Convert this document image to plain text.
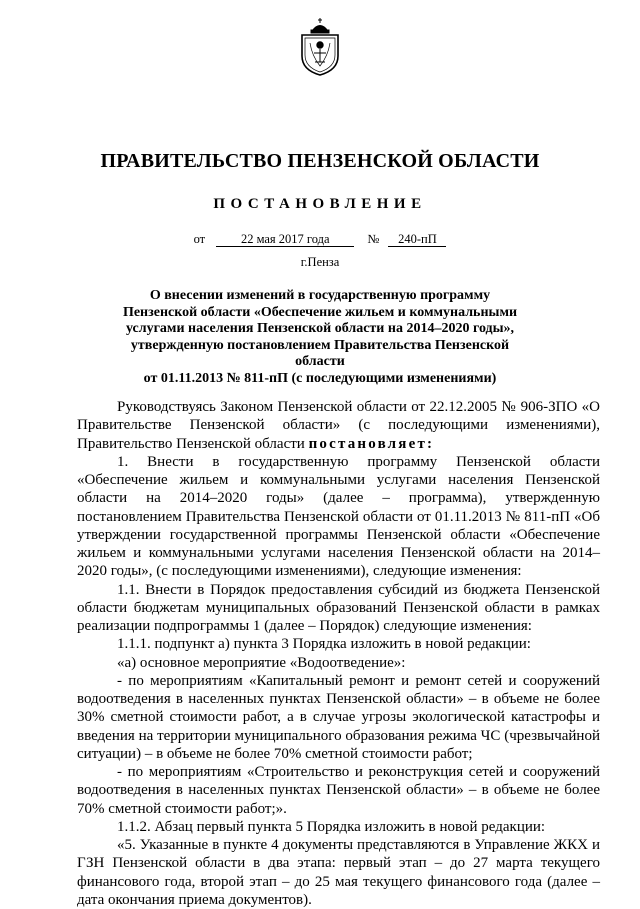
ПРАВИТЕЛЬСТВО ПЕНЗЕНСКОЙ ОБЛАСТИ
ПОСТАНОВЛЕНИЕ
от	22 мая 2017 года	№ 240-пП
г.Пенза
О внесении изменений в государственную программу
Пензенской области «Обеспечение жильем и коммунальными
услугами населения Пензенской области на 2014–2020 годы»,
утвержденную постановлением Правительства Пензенской области
от 01.11.2013 № 811-пП (с последующими изменениями)

Руководствуясь Законом Пензенской области от 22.12.2005 № 906-ЗПО «О Правительстве Пензенской области» (с последующими изменениями), Правительство Пензенской области постановляет:

1. Внести в государственную программу Пензенской области «Обеспечение жильем и коммунальными услугами населения Пензенской области на 2014–2020 годы» (далее – программа), утвержденную постановлением Правительства Пензенской области от 01.11.2013 № 811-пП «Об утверждении государственной программы Пензенской области «Обеспечение жильем и коммунальными услугами населения Пензенской области на 2014–2020 годы», (с последующими изменениями), следующие изменения:

1.1. Внести в Порядок предоставления субсидий из бюджета Пензенской области бюджетам муниципальных образований Пензенской области в рамках реализации подпрограммы 1 (далее – Порядок) следующие изменения:

1.1.1. подпункт а) пункта 3 Порядка изложить в новой редакции:

«а) основное мероприятие «Водоотведение»:

- по мероприятиям «Капитальный ремонт и ремонт сетей и сооружений водоотведения в населенных пунктах Пензенской области» – в объеме не более 30% сметной стоимости работ, а в случае угрозы экологической катастрофы и введения на территории муниципального образования режима ЧС (чрезвычайной ситуации) – в объеме не более 70% сметной стоимости работ;

- по мероприятиям «Строительство и реконструкция сетей и сооружений водоотведения в населенных пунктах Пензенской области» – в объеме не более 70% сметной стоимости работ;».

1.1.2. Абзац первый пункта 5 Порядка изложить в новой редакции:

«5. Указанные в пункте 4 документы представляются в Управление ЖКХ и ГЗН Пензенской области в два этапа: первый этап – до 27 марта текущего финансового года, второй этап – до 25 мая текущего финансового года (далее – дата окончания приема документов).
